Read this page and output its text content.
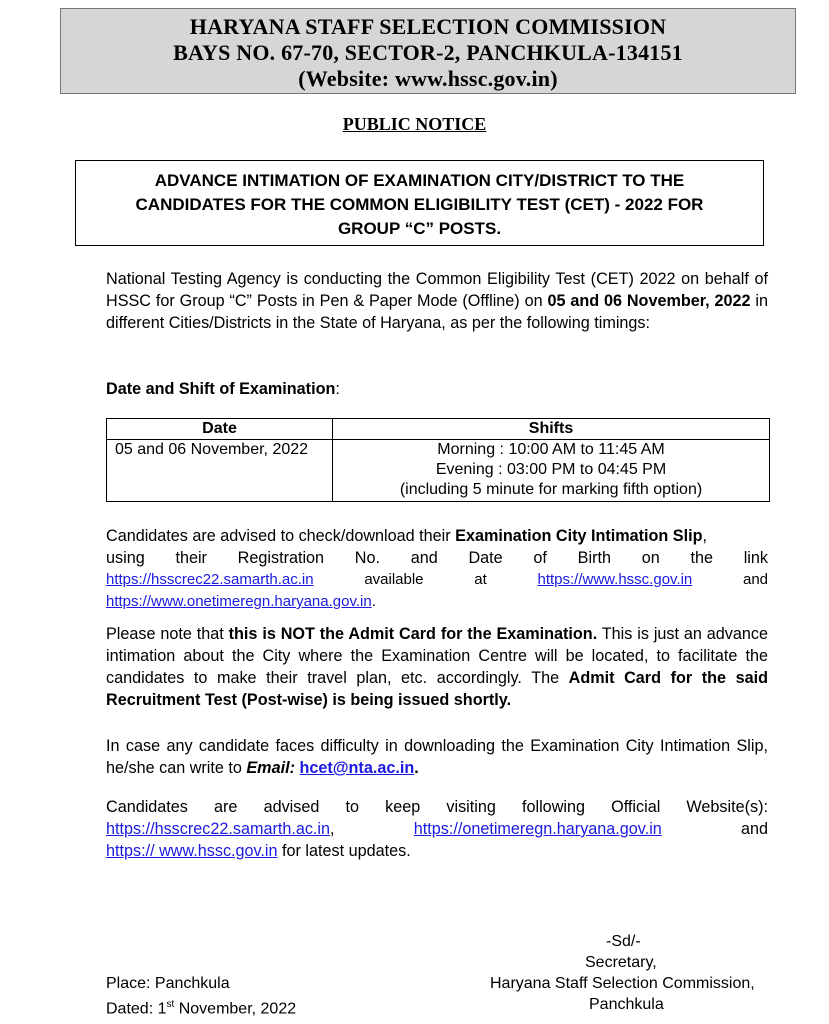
HARYANA STAFF SELECTION COMMISSION
BAYS NO. 67-70, SECTOR-2, PANCHKULA-134151
(Website: www.hssc.gov.in)
PUBLIC NOTICE
ADVANCE INTIMATION OF EXAMINATION CITY/DISTRICT TO THE
CANDIDATES FOR THE COMMON ELIGIBILITY TEST (CET) - 2022 FOR
GROUP “C” POSTS.
National Testing Agency is conducting the Common Eligibility Test (CET) 2022 on behalf of HSSC for Group “C” Posts in Pen & Paper Mode (Offline) on 05 and 06 November, 2022 in different Cities/Districts in the State of Haryana, as per the following timings:
Date and Shift of Examination:
Date	Shifts
05 and 06 November, 2022	Morning : 10:00 AM to 11:45 AM
Evening : 03:00 PM to 04:45 PM
(including 5 minute for marking fifth option)
Candidates are advised to check/download their Examination City Intimation Slip,
using their Registration No. and Date of Birth on the link
https://hsscrec22.samarth.ac.in	available	at	https://www.hssc.gov.in	and
https://www.onetimeregn.haryana.gov.in.
Please note that this is NOT the Admit Card for the Examination. This is just an advance intimation about the City where the Examination Centre will be located, to facilitate the candidates to make their travel plan, etc. accordingly. The Admit Card for the said Recruitment Test (Post-wise) is being issued shortly.
In case any candidate faces difficulty in downloading the Examination City Intimation Slip, he/she can write to Email: hcet@nta.ac.in.
Candidates are advised to keep visiting following Official Website(s):
https://hsscrec22.samarth.ac.in,	https://onetimeregn.haryana.gov.in	and
https:// www.hssc.gov.in for latest updates.
-Sd/-
Secretary,
Haryana Staff Selection Commission,
Panchkula
Place: Panchkula
Dated: 1st November, 2022
